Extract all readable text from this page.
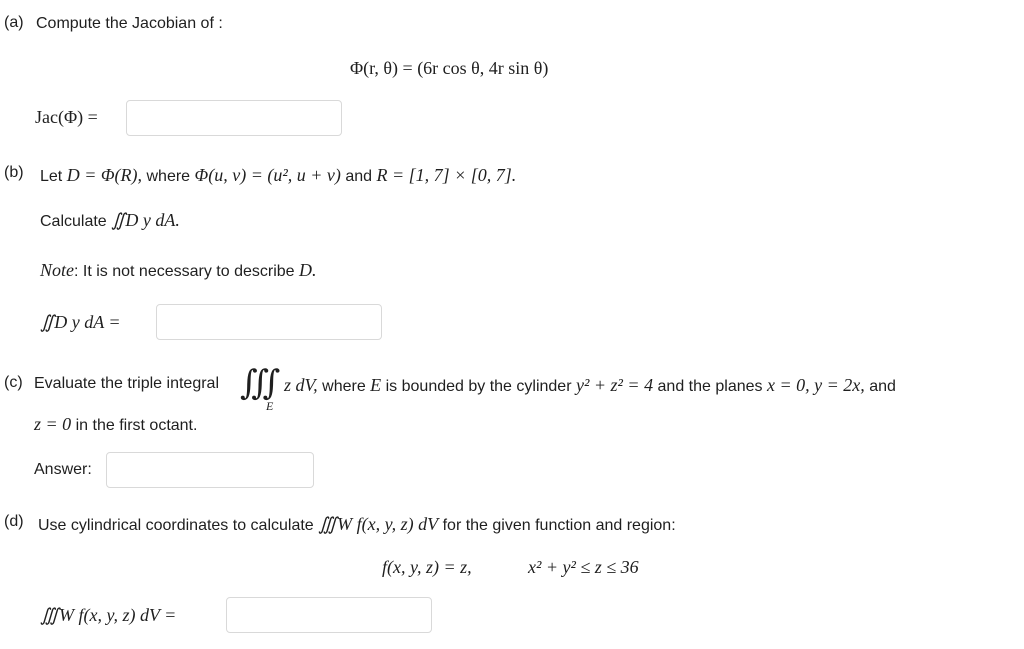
(a) Compute the Jacobian of :
Φ(r, θ) = (6r cos θ, 4r sin θ)
Jac(Φ) =
(b) Let D = Φ(R), where Φ(u, v) = (u², u + v) and R = [1, 7] × [0, 7].
Calculate ∬D y dA.
Note: It is not necessary to describe D.
∬D y dA =
(c) Evaluate the triple integral ∭
E
z dV, where E is bounded by the cylinder y² + z² = 4 and the planes x = 0, y = 2x, and
z = 0 in the first octant.
Answer:
(d) Use cylindrical coordinates to calculate ∭W f(x, y, z) dV for the given function and region:
f(x, y, z) = z,	x² + y² ≤ z ≤ 36
∭W f(x, y, z) dV =
